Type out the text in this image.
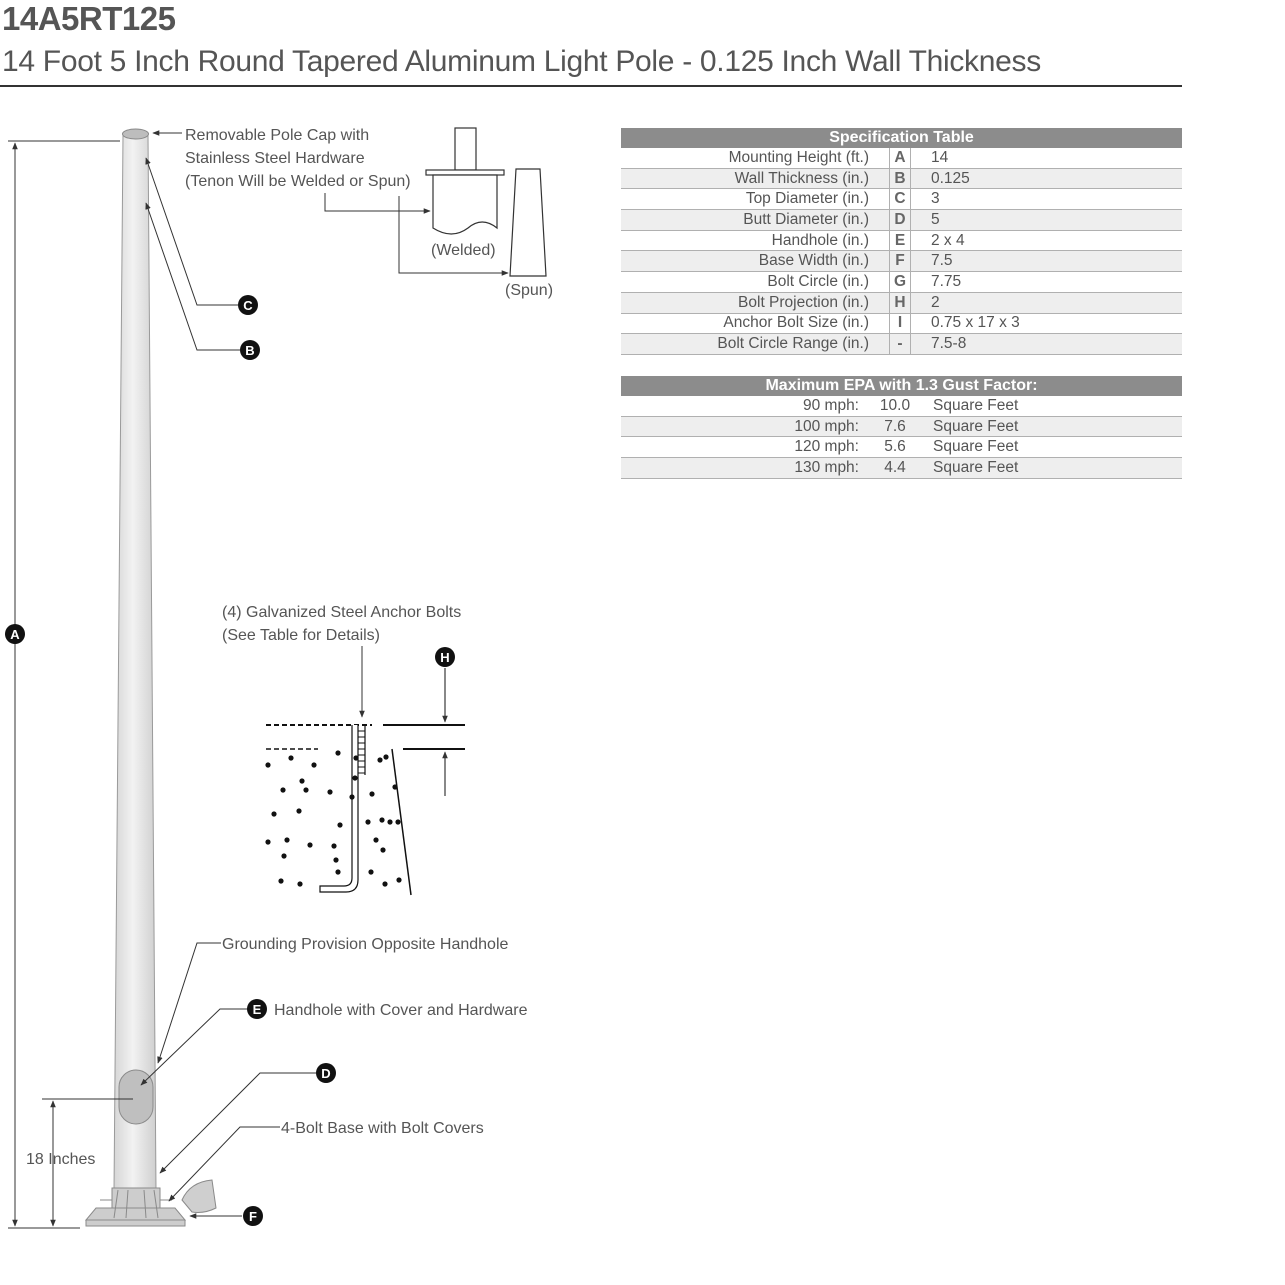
14A5RT125
14 Foot 5 Inch Round Tapered Aluminum Light Pole - 0.125 Inch Wall Thickness
18 Inches
Removable Pole Cap with Stainless Steel Hardware (Tenon Will be Welded or Spun)
(Welded)
(Spun)
(4) Galvanized Steel Anchor Bolts (See Table for Details)
Grounding Provision Opposite Handhole
Handhole with Cover and Hardware
4-Bolt Base with Bolt Covers
A
C
B
H
E
D
F
Specification Table		
Mounting Height (ft.)	A	14
Wall Thickness (in.)	B	0.125
Top Diameter (in.)	C	3
Butt Diameter (in.)	D	5
Handhole (in.)	E	2 x 4
Base Width (in.)	F	7.5
Bolt Circle (in.)	G	7.75
Bolt Projection (in.)	H	2
Anchor Bolt Size (in.)	I	0.75 x 17 x 3
Bolt Circle Range (in.)	-	7.5-8
Maximum EPA with 1.3 Gust Factor:		
90 mph:	10.0	Square Feet
100 mph:	7.6	Square Feet
120 mph:	5.6	Square Feet
130 mph:	4.4	Square Feet
